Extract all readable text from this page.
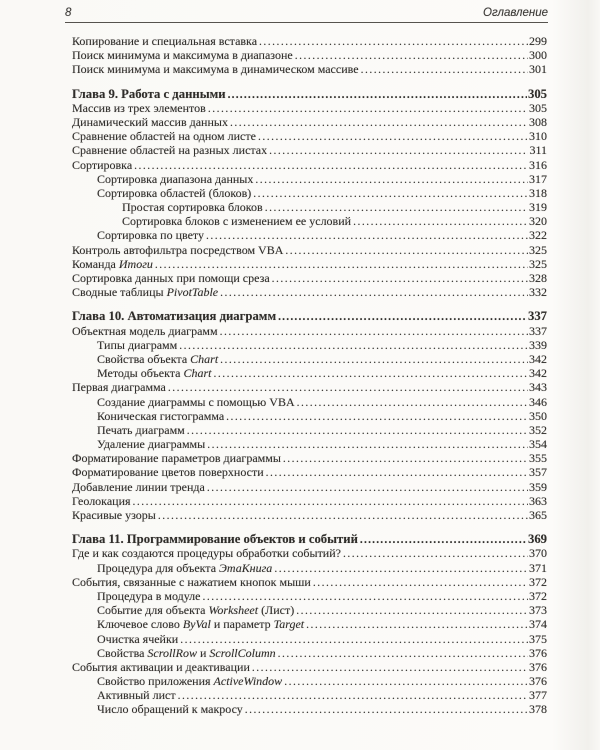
8	Оглавление
Копирование и специальная вставка .....	299
Поиск минимума и максимума в диапазоне .....	300
Поиск минимума и максимума в динамическом массиве .....	301
Глава 9. Работа с данными .....	305
Массив из трех элементов .....	305
Динамический массив данных .....	308
Сравнение областей на одном листе .....	310
Сравнение областей на разных листах .....	311
Сортировка .....	316
Сортировка диапазона данных .....	317
Сортировка областей (блоков) .....	318
Простая сортировка блоков .....	319
Сортировка блоков с изменением ее условий .....	320
Сортировка по цвету .....	322
Контроль автофильтра посредством VBA .....	325
Команда Итоги .....	325
Сортировка данных при помощи среза .....	328
Сводные таблицы PivotTable .....	332
Глава 10. Автоматизация диаграмм .....	337
Объектная модель диаграмм .....	337
Типы диаграмм .....	339
Свойства объекта Chart .....	342
Методы объекта Chart .....	342
Первая диаграмма .....	343
Создание диаграммы с помощью VBA .....	346
Коническая гистограмма .....	350
Печать диаграмм .....	352
Удаление диаграммы .....	354
Форматирование параметров диаграммы .....	355
Форматирование цветов поверхности .....	357
Добавление линии тренда .....	359
Геолокация .....	363
Красивые узоры .....	365
Глава 11. Программирование объектов и событий .....	369
Где и как создаются процедуры обработки событий? .....	370
Процедура для объекта ЭтаКнига .....	371
События, связанные с нажатием кнопок мыши .....	372
Процедура в модуле .....	372
Событие для объекта Worksheet (Лист) .....	373
Ключевое слово ByVal и параметр Target .....	374
Очистка ячейки .....	375
Свойства ScrollRow и ScrollColumn .....	376
События активации и деактивации .....	376
Свойство приложения ActiveWindow .....	376
Активный лист .....	377
Число обращений к макросу .....	378
